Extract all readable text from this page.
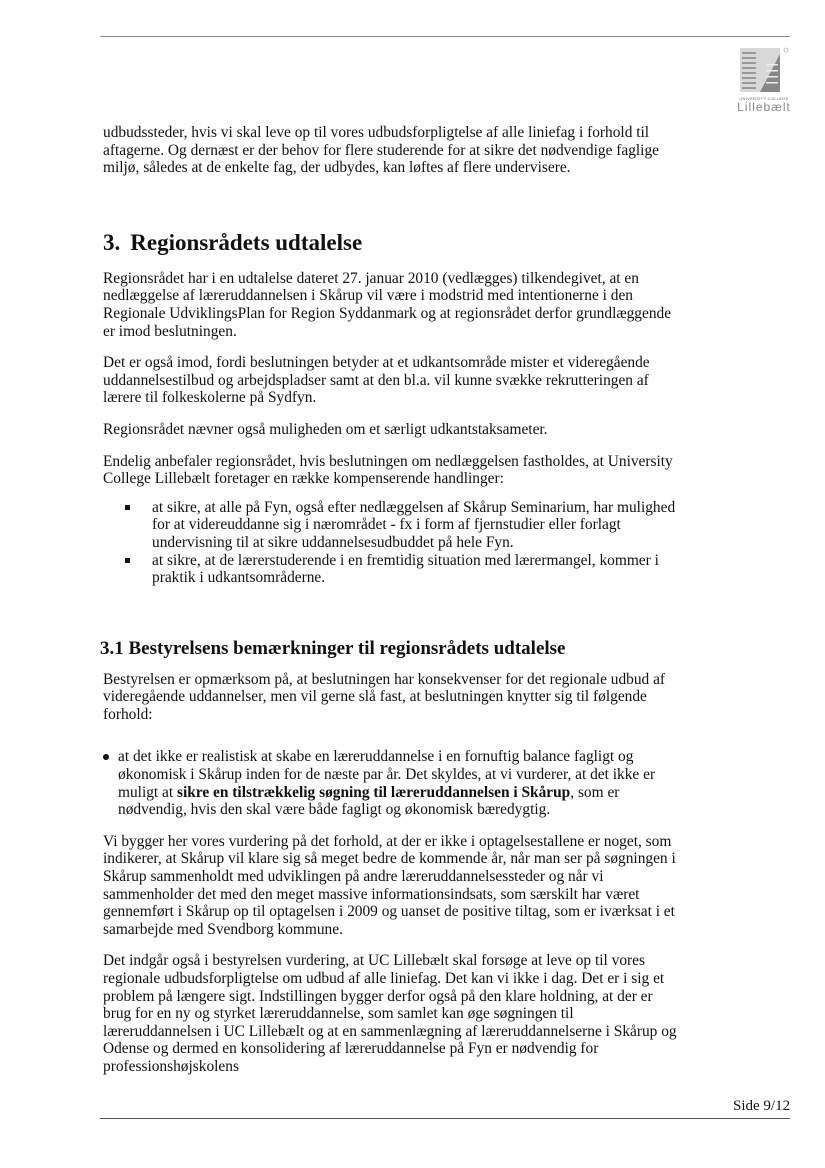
UNIVERSITY COLLEGE
Lillebælt

udbudssteder, hvis vi skal leve op til vores udbudsforpligtelse af alle liniefag i forhold til aftagerne. Og dernæst er der behov for flere studerende for at sikre det nødvendige faglige miljø, således at de enkelte fag, der udbydes, kan løftes af flere undervisere.

3. Regionsrådets udtalelse

Regionsrådet har i en udtalelse dateret 27. januar 2010 (vedlægges) tilkendegivet, at en nedlæggelse af læreruddannelsen i Skårup vil være i modstrid med intentionerne i den Regionale UdviklingsPlan for Region Syddanmark og at regionsrådet derfor grundlæggende er imod beslutningen.

Det er også imod, fordi beslutningen betyder at et udkantsområde mister et videregående uddannelsestilbud og arbejdspladser samt at den bl.a. vil kunne svække rekrutteringen af lærere til folkeskolerne på Sydfyn.

Regionsrådet nævner også muligheden om et særligt udkantstaksameter.

Endelig anbefaler regionsrådet, hvis beslutningen om nedlæggelsen fastholdes, at University College Lillebælt foretager en række kompenserende handlinger:

at sikre, at alle på Fyn, også efter nedlæggelsen af Skårup Seminarium, har mulighed for at videreuddanne sig i nærområdet - fx i form af fjernstudier eller forlagt undervisning til at sikre uddannelsesudbuddet på hele Fyn.
at sikre, at de lærerstuderende i en fremtidig situation med lærermangel, kommer i praktik i udkantsområderne.
3.1 Bestyrelsens bemærkninger til regionsrådets udtalelse

Bestyrelsen er opmærksom på, at beslutningen har konsekvenser for det regionale udbud af videregående uddannelser, men vil gerne slå fast, at beslutningen knytter sig til følgende forhold:

at det ikke er realistisk at skabe en læreruddannelse i en fornuftig balance fagligt og økonomisk i Skårup inden for de næste par år. Det skyldes, at vi vurderer, at det ikke er muligt at sikre en tilstrækkelig søgning til læreruddannelsen i Skårup, som er nødvendig, hvis den skal være både fagligt og økonomisk bæredygtig.

Vi bygger her vores vurdering på det forhold, at der er ikke i optagelsestallene er noget, som indikerer, at Skårup vil klare sig så meget bedre de kommende år, når man ser på søgningen i Skårup sammenholdt med udviklingen på andre læreruddannelsessteder og når vi sammenholder det med den meget massive informationsindsats, som særskilt har været gennemført i Skårup op til optagelsen i 2009 og uanset de positive tiltag, som er iværksat i et samarbejde med Svendborg kommune.

Det indgår også i bestyrelsen vurdering, at UC Lillebælt skal forsøge at leve op til vores regionale udbudsforpligtelse om udbud af alle liniefag. Det kan vi ikke i dag. Det er i sig et problem på længere sigt. Indstillingen bygger derfor også på den klare holdning, at der er brug for en ny og styrket læreruddannelse, som samlet kan øge søgningen til læreruddannelsen i UC Lillebælt og at en sammenlægning af læreruddannelserne i Skårup og Odense og dermed en konsolidering af læreruddannelse på Fyn er nødvendig for professionshøjskolens

Side 9/12
